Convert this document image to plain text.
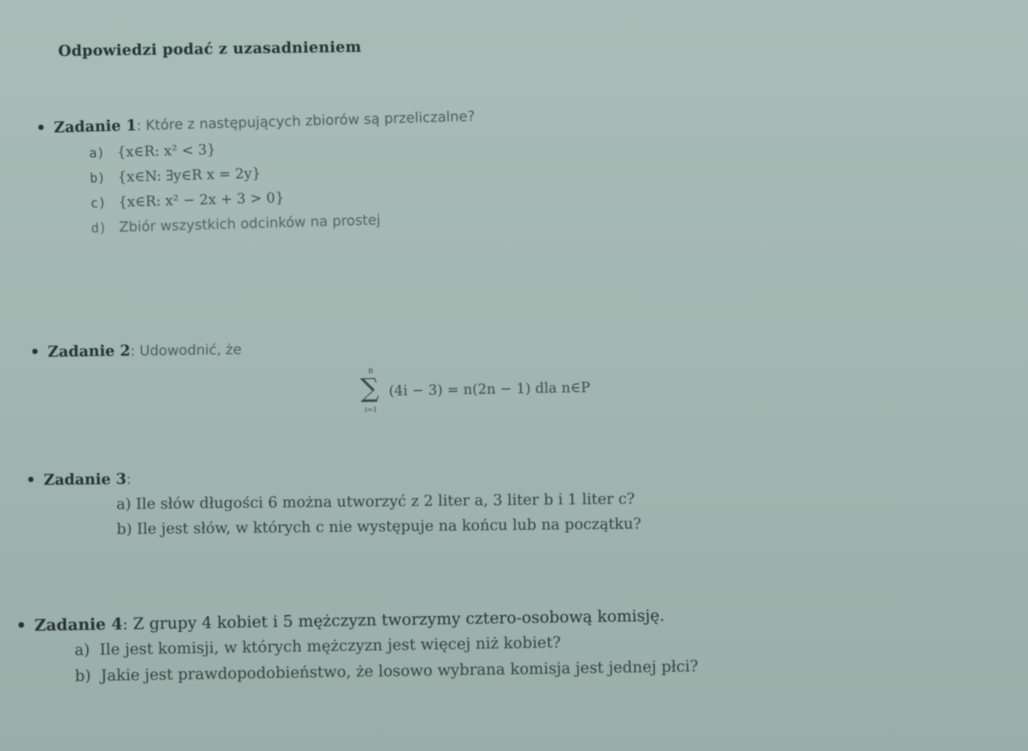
Odpowiedzi podać z uzasadnieniem
• Zadanie 1: Które z następujących zbiorów są przeliczalne?
a) {x∈R: x² < 3}
b) {x∈N: ∃y∈R x = 2y}
c) {x∈R: x² − 2x + 3 > 0}
d) Zbiór wszystkich odcinków na prostej
• Zadanie 2: Udowodnić, że
n
∑
i=1
(4i − 3) = n(2n − 1) dla n∈P
• Zadanie 3:
a) Ile słów długości 6 można utworzyć z 2 liter a, 3 liter b i 1 liter c?
b) Ile jest słów, w których c nie występuje na końcu lub na początku?
• Zadanie 4: Z grupy 4 kobiet i 5 mężczyzn tworzymy cztero-osobową komisję.
a) Ile jest komisji, w których mężczyzn jest więcej niż kobiet?
b) Jakie jest prawdopodobieństwo, że losowo wybrana komisja jest jednej płci?
